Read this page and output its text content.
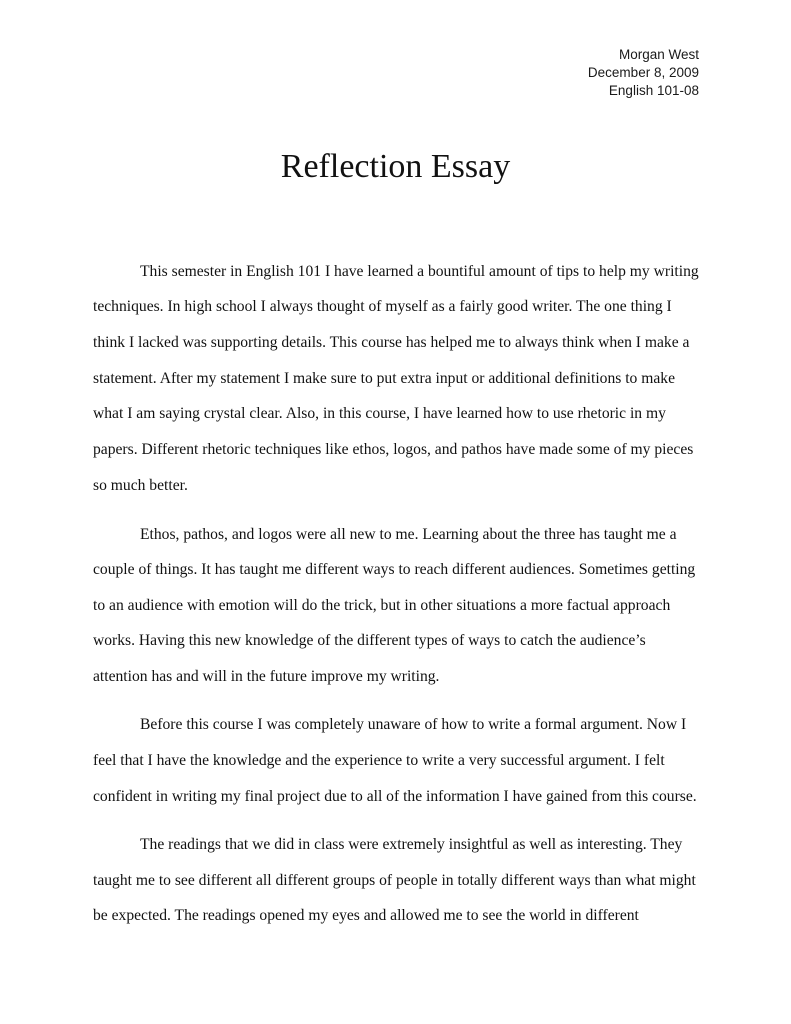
Morgan West
December 8, 2009
English 101-08
Reflection Essay
This semester in English 101 I have learned a bountiful amount of tips to help my writing
techniques. In high school I always thought of myself as a fairly good writer. The one thing I
think I lacked was supporting details. This course has helped me to always think when I make a
statement. After my statement I make sure to put extra input or additional definitions to make
what I am saying crystal clear. Also, in this course, I have learned how to use rhetoric in my
papers. Different rhetoric techniques like ethos, logos, and pathos have made some of my pieces
so much better.
Ethos, pathos, and logos were all new to me. Learning about the three has taught me a
couple of things. It has taught me different ways to reach different audiences. Sometimes getting
to an audience with emotion will do the trick, but in other situations a more factual approach
works. Having this new knowledge of the different types of ways to catch the audience’s
attention has and will in the future improve my writing.
Before this course I was completely unaware of how to write a formal argument. Now I
feel that I have the knowledge and the experience to write a very successful argument. I felt
confident in writing my final project due to all of the information I have gained from this course.
The readings that we did in class were extremely insightful as well as interesting. They
taught me to see different all different groups of people in totally different ways than what might
be expected. The readings opened my eyes and allowed me to see the world in different
